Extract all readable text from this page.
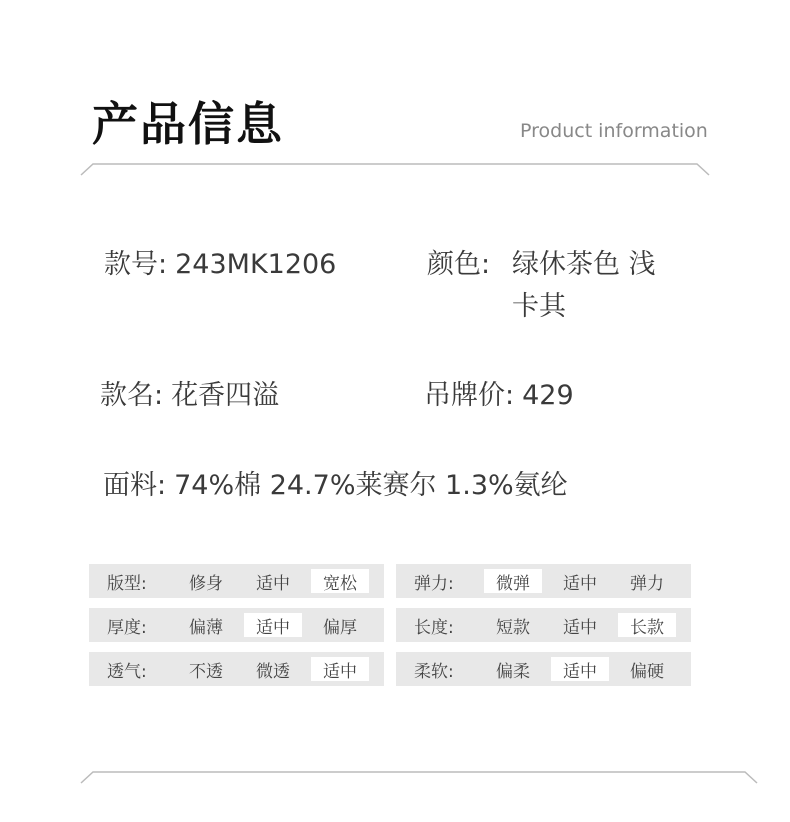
产品信息	Product information
款号: 243MK1206	颜色: 绿休茶色 浅
卡其
款名: 花香四溢	吊牌价: 429
面料: 74%棉 24.7%莱赛尔 1.3%氨纶
版型:	修身	适中	宽松
厚度:	偏薄	适中	偏厚
透气:	不透	微透	适中
弹力:	微弹	适中	弹力
长度:	短款	适中	长款
柔软:	偏柔	适中	偏硬
